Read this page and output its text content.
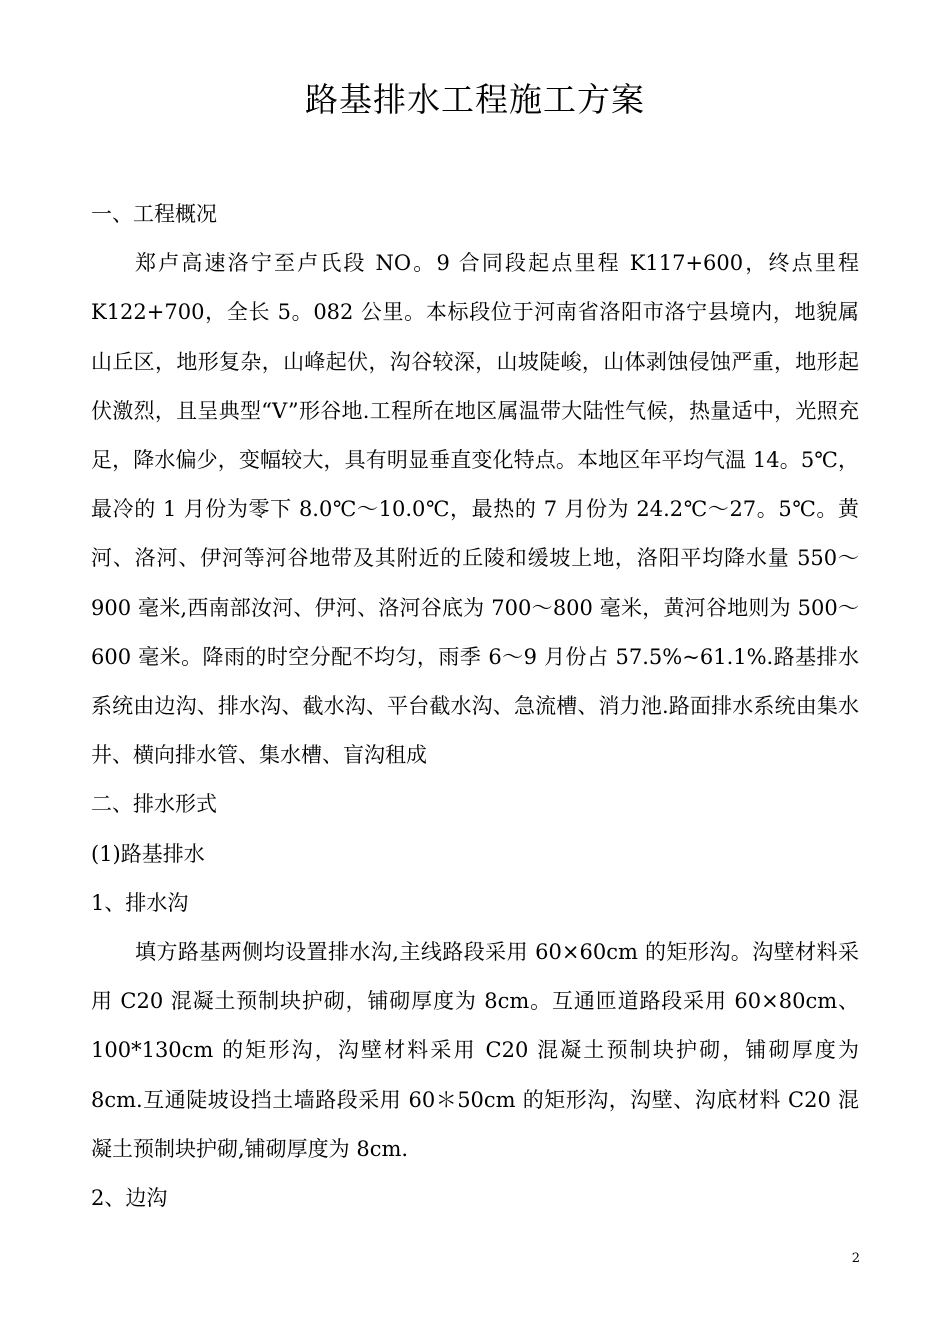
路基排水工程施工方案

一、工程概况

郑卢高速洛宁至卢氏段 NO。9 合同段起点里程 K117+600，终点里程 K122+700，全长 5。082 公里。本标段位于河南省洛阳市洛宁县境内，地貌属山丘区，地形复杂，山峰起伏，沟谷较深，山坡陡峻，山体剥蚀侵蚀严重，地形起伏激烈，且呈典型“V”形谷地.工程所在地区属温带大陆性气候，热量适中，光照充足，降水偏少，变幅较大，具有明显垂直变化特点。本地区年平均气温 14。5℃，最冷的 1 月份为零下 8.0℃～10.0℃，最热的 7 月份为 24.2℃～27。5℃。黄河、洛河、伊河等河谷地带及其附近的丘陵和缓坡上地，洛阳平均降水量 550～900 毫米,西南部汝河、伊河、洛河谷底为 700～800 毫米，黄河谷地则为 500～600 毫米。降雨的时空分配不均匀，雨季 6～9 月份占 57.5%~61.1%.路基排水系统由边沟、排水沟、截水沟、平台截水沟、急流槽、消力池.路面排水系统由集水井、横向排水管、集水槽、盲沟租成

二、排水形式

(1)路基排水

1、排水沟

填方路基两侧均设置排水沟,主线路段采用 60×60cm 的矩形沟。沟壁材料采用 C20 混凝土预制块护砌，铺砌厚度为 8cm。互通匝道路段采用 60×80cm、100*130cm 的矩形沟，沟壁材料采用 C20 混凝土预制块护砌，铺砌厚度为 8cm.互通陡坡设挡土墙路段采用 60＊50cm 的矩形沟，沟壁、沟底材料 C20 混凝土预制块护砌,铺砌厚度为 8cm.

2、边沟

2
